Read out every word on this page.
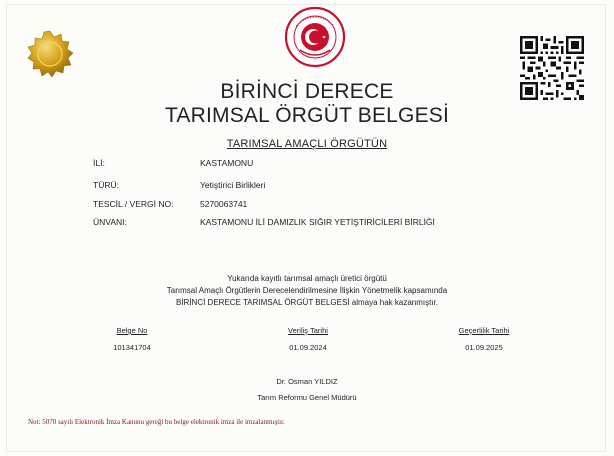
BİRİNCİ DERECE
TARIMSAL ÖRGÜT BELGESİ
TARIMSAL AMAÇLI ÖRGÜTÜN
İLİ:	KASTAMONU
TÜRÜ:	Yetiştirici Birlikleri
TESCİL / VERGİ NO:	5270063741
ÜNVANI:	KASTAMONU İLİ DAMIZLIK SIĞIR YETİŞTİRİCİLERİ BİRLİĞİ
Yukarıda kayıtlı tarımsal amaçlı üretici örgütü
Tarımsal Amaçlı Örgütlerin Derecelendirilmesine İlişkin Yönetmelik kapsamında
BİRİNCİ DERECE TARIMSAL ÖRGÜT BELGESİ almaya hak kazanmıştır.
Belge No	Veriliş Tarihi	Geçerlilik Tarihi
101341704	01.09.2024	01.09.2025
Dr. Osman YILDIZ
Tarım Reformu Genel Müdürü
Not: 5070 sayılı Elektronik İmza Kanunu gereği bu belge elektronik imza ile imzalanmıştır.
